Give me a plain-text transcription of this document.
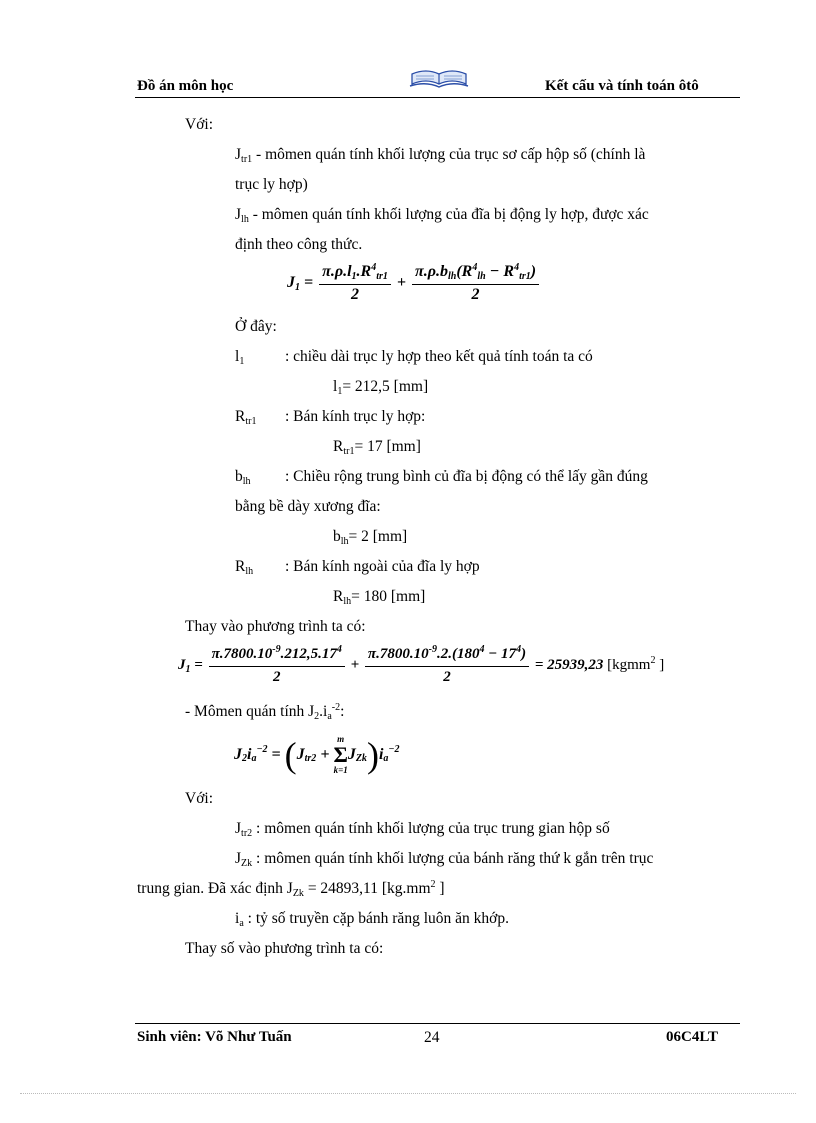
Đồ án môn học	Kết cấu và tính toán ôtô
Với:
Jtr1 - mômen quán tính khối lượng của trục sơ cấp hộp số (chính là
trục ly hợp)
Jlh - mômen quán tính khối lượng của đĩa bị động ly hợp, được xác
định theo công thức.
$J1 = \frac{\pi.\rho.l1.R^4tr1}{2} + \frac{\pi.\rho.blh(R^4lh - R^4tr1)}{2}$
Ở đây:
l1	: chiều dài trục ly hợp theo kết quả tính toán ta có
l1= 212,5 [mm]
Rtr1 : Bán kính trục ly hợp:
Rtr1= 17 [mm]
blh : Chiều rộng trung bình củ đĩa bị động có thể lấy gần đúng
bằng bề dày xương đĩa:
blh= 2 [mm]
Rlh : Bán kính ngoài của đĩa ly hợp
Rlh= 180 [mm]
Thay vào phương trình ta có:
$J_1 = \frac{\pi.7800.10^{-9}.212,5.17^4}{2} + \frac{\pi.7800.10^{-9}.2.(180^4 - 17^4)}{2} = 25939,23$ [kgmm$^2$ ]
- Mômen quán tính $J2.ia^{-2}$:
J 2 i a
−2 = ( J tr2 +
m
Σ
k=1
J Zk ) i a
−2
Với:
Jtr2 : mômen quán tính khối lượng của trục trung gian hộp số
JZk : mômen quán tính khối lượng của bánh răng thứ k gắn trên trục
trung gian. Đã xác định JZk = 24893,11 [$kg.mm^2$ ]
ia : tỷ số truyền cặp bánh răng luôn ăn khớp.
Thay số vào phương trình ta có:
Sinh viên: Võ Như Tuấn	24	06C4LT
